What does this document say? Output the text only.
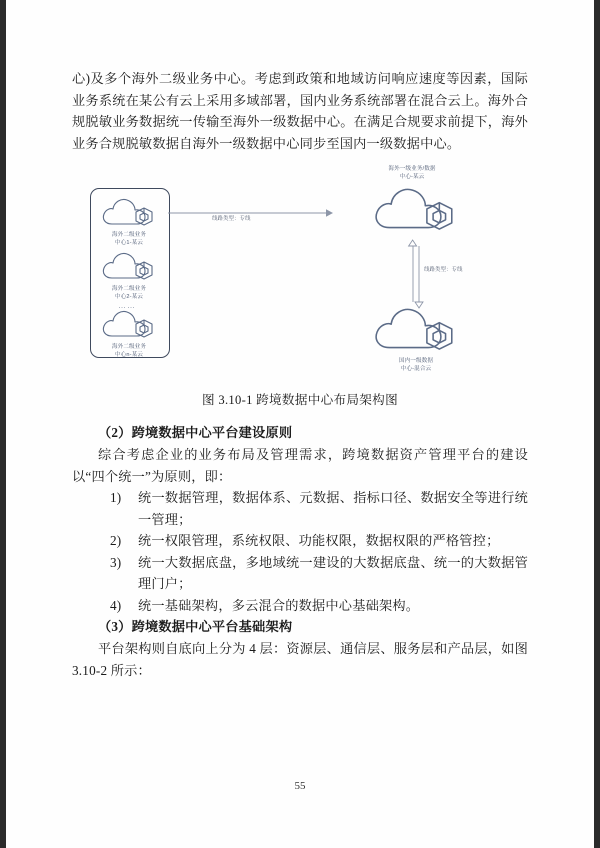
心)及多个海外二级业务中心。考虑到政策和地域访问响应速度等因素，国际业务系统在某公有云上采用多域部署，国内业务系统部署在混合云上。海外合规脱敏业务数据统一传输至海外一级数据中心。在满足合规要求前提下，海外业务合规脱敏数据自海外一级数据中心同步至国内一级数据中心。

海外二级业务
中心1-某云
海外二级业务
中心2-某云
……
海外二级业务
中心n-某云
线路类型：专线
海外一级业务/数据
中心-某云
线路类型：专线
国内一级数据
中心-混合云

图 3.10-1 跨境数据中心布局架构图

（2）跨境数据中心平台建设原则

综合考虑企业的业务布局及管理需求，跨境数据资产管理平台的建设以“四个统一”为原则，即：

1) 统一数据管理，数据体系、元数据、指标口径、数据安全等进行统一管理；
2) 统一权限管理，系统权限、功能权限，数据权限的严格管控；
3) 统一大数据底盘，多地域统一建设的大数据底盘、统一的大数据管理门户；
4) 统一基础架构，多云混合的数据中心基础架构。

（3）跨境数据中心平台基础架构

平台架构则自底向上分为 4 层：资源层、通信层、服务层和产品层，如图 3.10-2 所示：

55
